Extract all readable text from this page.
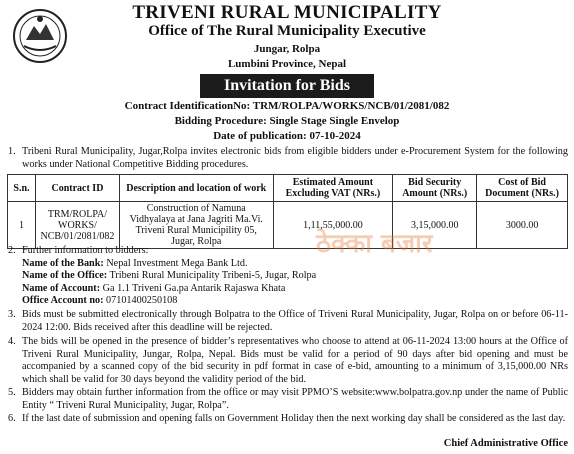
TRIVENI RURAL MUNICIPALITY
Office of The Rural Municipality Executive
Jungar, Rolpa
Lumbini Province, Nepal
Invitation for Bids
Contract IdentificationNo: TRM/ROLPA/WORKS/NCB/01/2081/082
Bidding Procedure: Single Stage Single Envelop
Date of publication: 07-10-2024
1. Tribeni Rural Municipality, Jugar,Rolpa invites electronic bids from eligible bidders under e-Procurement System for the following works under National Competitive Bidding procedures.
S.n.	Contract ID	Description and location of work	Estimated Amount Excluding VAT (NRs.)	Bid Security Amount (NRs.)	Cost of Bid Document (NRs.)
1	TRM/ROLPA/ WORKS/ NCB/01/2081/082	Construction of Namuna Vidhyalaya at Jana Jagriti Ma.Vi. Triveni Rural Municipility 05, Jugar, Rolpa	1,11,55,000.00	3,15,000.00	3000.00
ठेक्का बजार
2. Further information to bidders:
Name of the Bank: Nepal Investment Mega Bank Ltd.
Name of the Office: Tribeni Rural Municipality Tribeni-5, Jugar, Rolpa
Name of Account: Ga 1.1 Triveni Ga.pa Antarik Rajaswa Khata
Office Account no: 07101400250108
3. Bids must be submitted electronically through Bolpatra to the Office of Triveni Rural Municipality, Jugar, Rolpa on or before 06-11-2024 12:00. Bids received after this deadline will be rejected.
4. The bids will be opened in the presence of bidder’s representatives who choose to attend at 06-11-2024 13:00 hours at the Office of Triveni Rural Municipality, Jungar, Rolpa, Nepal. Bids must be valid for a period of 90 days after bid opening and must be accompanied by a scanned copy of the bid security in pdf format in case of e-bid, amounting to a minimum of 3,15,000.00 NRs which shall be valid for 30 days beyond the validity period of the bid.
5. Bidders may obtain further information from the office or may visit PPMO’S website:www.bolpatra.gov.np under the name of Public Entity “ Triveni Rural Municipality, Jugar, Rolpa”.
6. If the last date of submission and opening falls on Government Holiday then the next working day shall be considered as the last day.
Chief Administrative Office
